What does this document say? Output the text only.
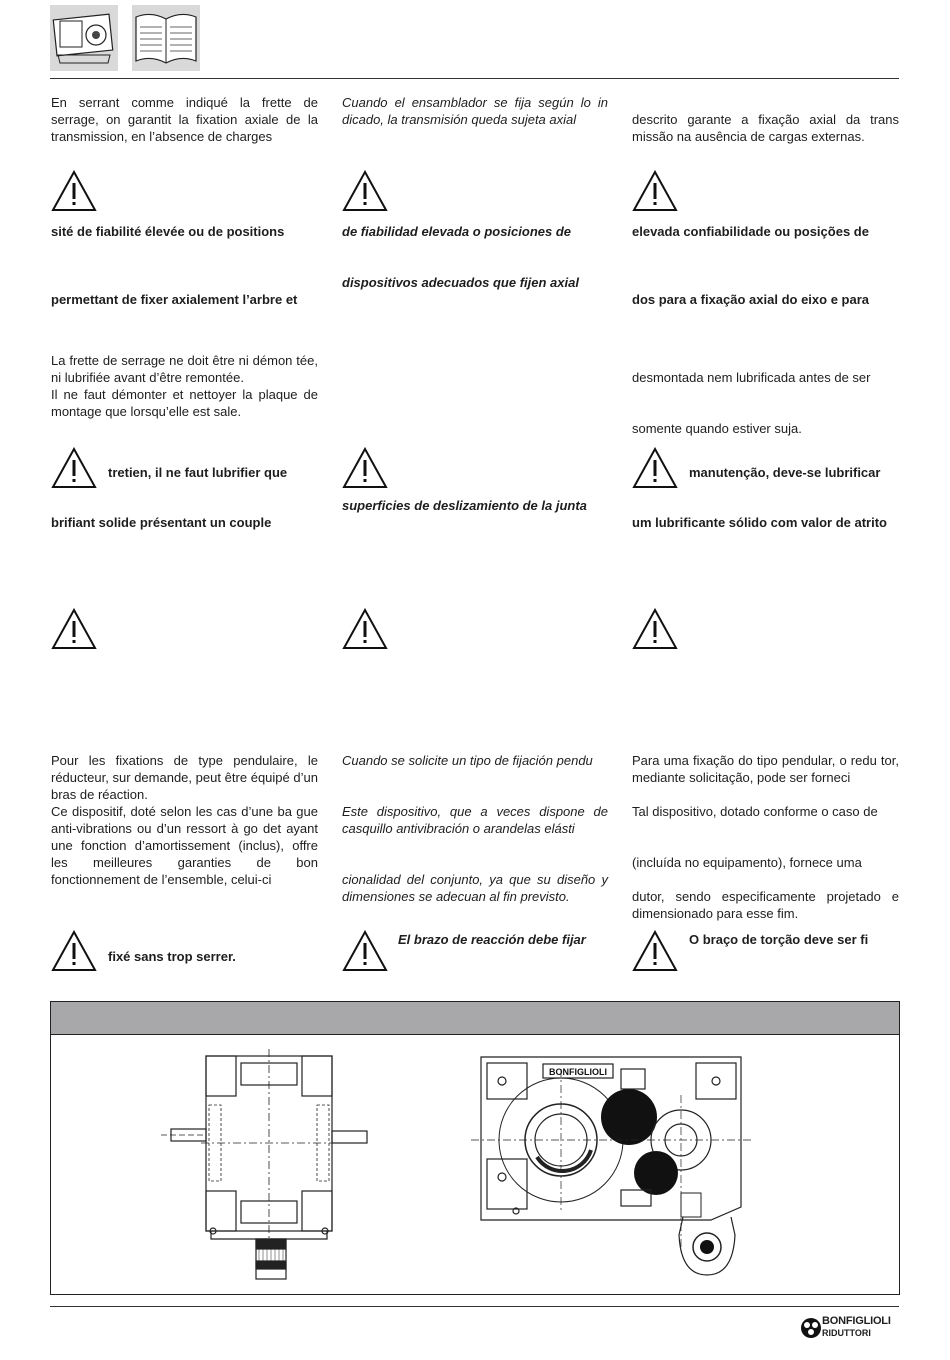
En serrant comme indiqué la frette de serrage, on garantit la fixation axiale de la transmission, en l’absence de charges
sité de fiabilité élevée ou de positions
permettant de fixer axialement l’arbre et
La frette de serrage ne doit être ni démon tée, ni lubrifiée avant d’être remontée.
Il ne faut démonter et nettoyer la plaque de montage que lorsqu’elle est sale.
tretien, il ne faut lubrifier que
brifiant solide présentant un couple
Pour les fixations de type pendulaire, le réducteur, sur demande, peut être équipé d’un bras de réaction.
Ce dispositif, doté selon les cas d’une ba gue anti-vibrations ou d’un ressort à go det ayant une fonction d’amortissement (inclus), offre les meilleures garanties de bon fonctionnement de l’ensemble, celui-ci
fixé sans trop serrer.
Cuando el ensamblador se fija según lo in dicado, la transmisión queda sujeta axial
de fiabilidad elevada o posiciones de
dispositivos adecuados que fijen axial
superficies de deslizamiento de la junta
Cuando se solicite un tipo de fijación pendu
Este dispositivo, que a veces dispone de casquillo antivibración o arandelas elásti
cionalidad del conjunto, ya que su diseño y dimensiones se adecuan al fin previsto.
El brazo de reacción debe fijar
descrito garante a fixação axial da trans missão na ausência de cargas externas.
elevada confiabilidade ou posições de
dos para a fixação axial do eixo e para
desmontada nem lubrificada antes de ser
somente quando estiver suja.
manutenção, deve-se lubrificar
um lubrificante sólido com valor de atrito
Para uma fixação do tipo pendular, o redu tor, mediante solicitação, pode ser forneci
Tal dispositivo, dotado conforme o caso de
(incluída no equipamento), fornece uma
dutor, sendo especificamente projetado e dimensionado para esse fim.
O braço de torção deve ser fi
BONFIGLIOLI
BONFIGLIOLI
RIDUTTORI
